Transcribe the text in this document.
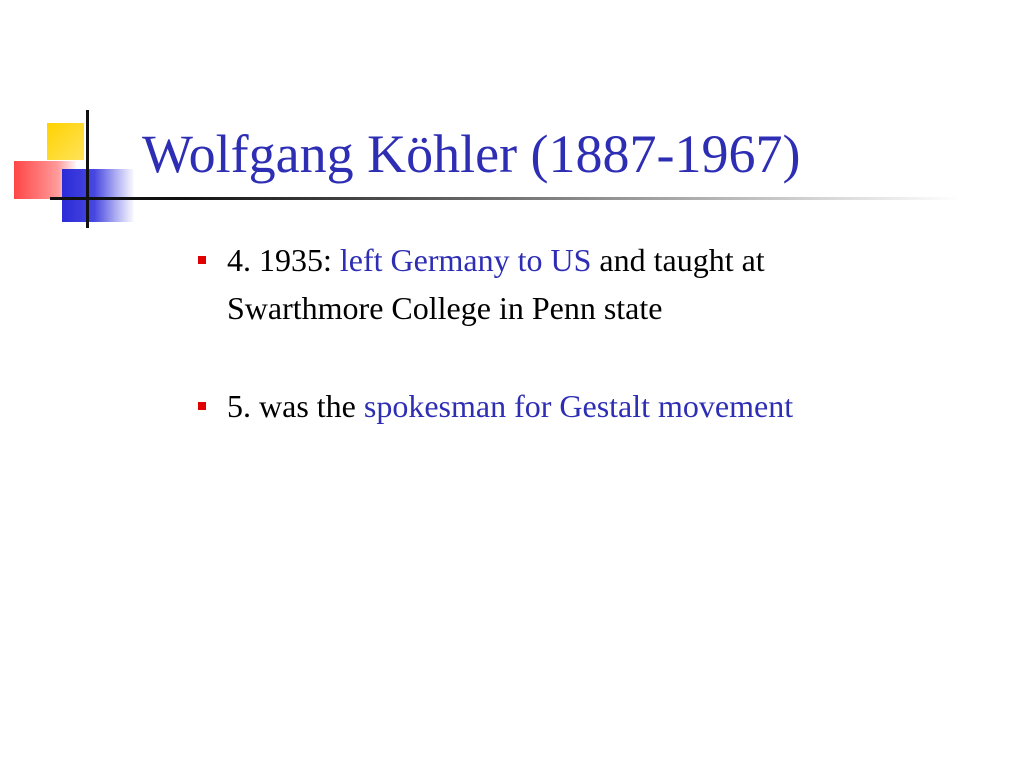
Wolfgang Köhler (1887-1967)
4. 1935: left Germany to US and taught at Swarthmore College in Penn state
5. was the spokesman for Gestalt movement
